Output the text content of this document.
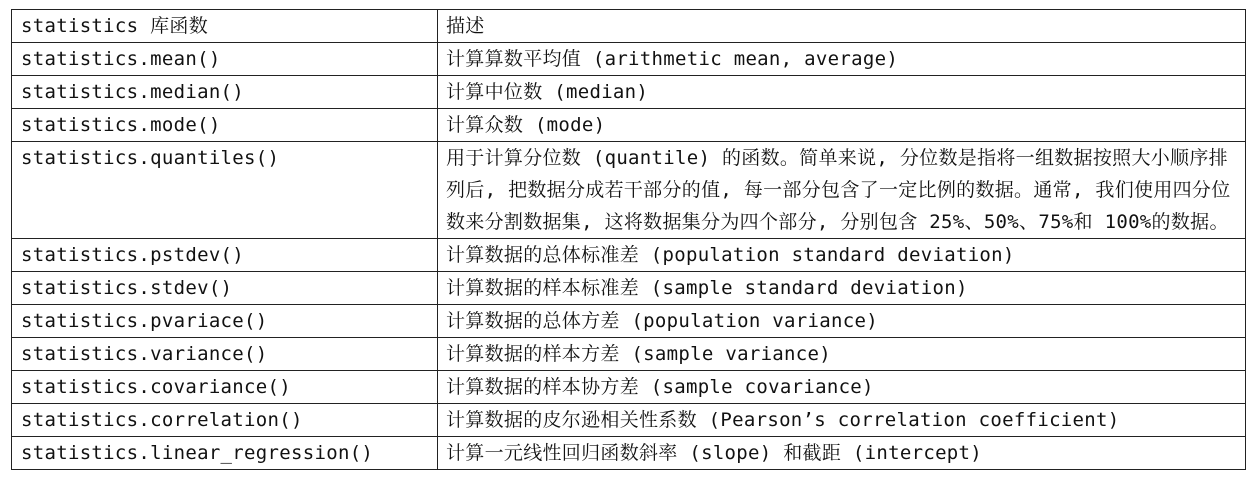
statistics 库函数	描述
statistics.mean()	计算算数平均值 (arithmetic mean, average)
statistics.median()	计算中位数 (median)
statistics.mode()	计算众数 (mode)
statistics.quantiles()	用于计算分位数 (quantile) 的函数。简单来说, 分位数是指将一组数据按照大小顺序排列后, 把数据分成若干部分的值, 每一部分包含了一定比例的数据。通常, 我们使用四分位数来分割数据集, 这将数据集分为四个部分, 分别包含 25%、50%、75%和 100%的数据。
statistics.pstdev()	计算数据的总体标准差 (population standard deviation)
statistics.stdev()	计算数据的样本标准差 (sample standard deviation)
statistics.pvariace()	计算数据的总体方差 (population variance)
statistics.variance()	计算数据的样本方差 (sample variance)
statistics.covariance()	计算数据的样本协方差 (sample covariance)
statistics.correlation()	计算数据的皮尔逊相关性系数 (Pearson’s correlation coefficient)
statistics.linear_regression()	计算一元线性回归函数斜率 (slope) 和截距 (intercept)
